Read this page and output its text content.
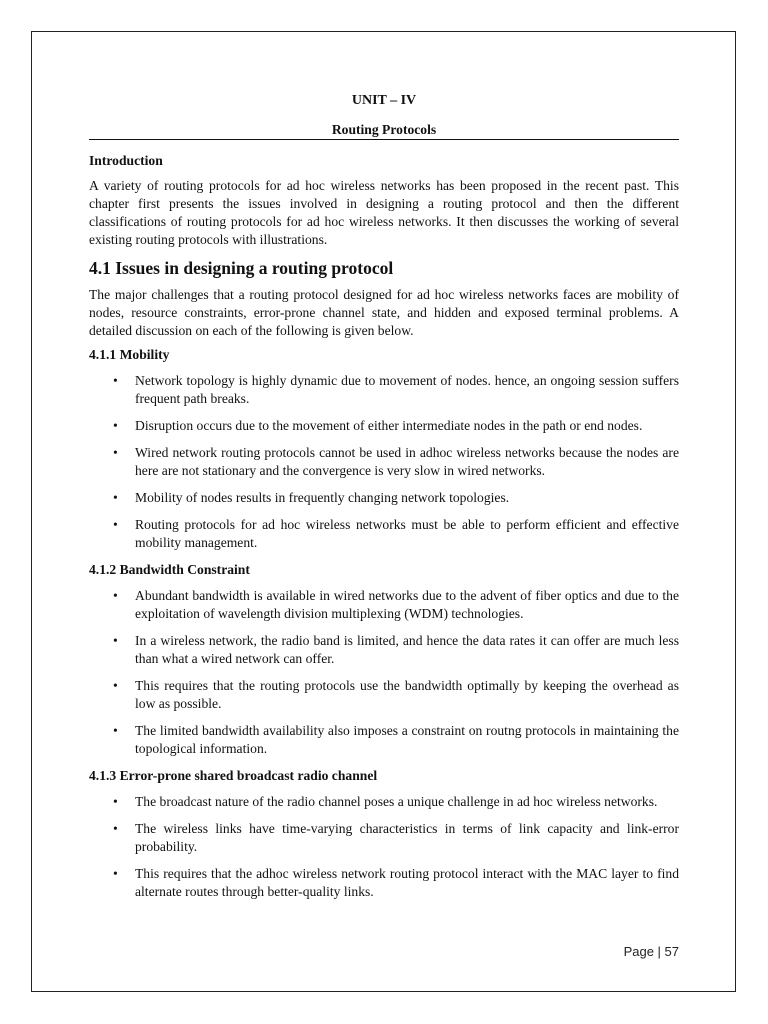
UNIT – IV
Routing Protocols
Introduction

A variety of routing protocols for ad hoc wireless networks has been proposed in the recent past. This chapter first presents the issues involved in designing a routing protocol and then the different classifications of routing protocols for ad hoc wireless networks. It then discusses the working of several existing routing protocols with illustrations.

4.1 Issues in designing a routing protocol

The major challenges that a routing protocol designed for ad hoc wireless networks faces are mobility of nodes, resource constraints, error-prone channel state, and hidden and exposed terminal problems. A detailed discussion on each of the following is given below.

4.1.1 Mobility
• Network topology is highly dynamic due to movement of nodes. hence, an ongoing session suffers frequent path breaks.
• Disruption occurs due to the movement of either intermediate nodes in the path or end nodes.
• Wired network routing protocols cannot be used in adhoc wireless networks because the nodes are here are not stationary and the convergence is very slow in wired networks.
• Mobility of nodes results in frequently changing network topologies.
• Routing protocols for ad hoc wireless networks must be able to perform efficient and effective mobility management.
4.1.2 Bandwidth Constraint
• Abundant bandwidth is available in wired networks due to the advent of fiber optics and due to the exploitation of wavelength division multiplexing (WDM) technologies.
• In a wireless network, the radio band is limited, and hence the data rates it can offer are much less than what a wired network can offer.
• This requires that the routing protocols use the bandwidth optimally by keeping the overhead as low as possible.
• The limited bandwidth availability also imposes a constraint on routng protocols in maintaining the topological information.
4.1.3 Error-prone shared broadcast radio channel
• The broadcast nature of the radio channel poses a unique challenge in ad hoc wireless networks.
• The wireless links have time-varying characteristics in terms of link capacity and link-error probability.
• This requires that the adhoc wireless network routing protocol interact with the MAC layer to find alternate routes through better-quality links.
Page | 57
